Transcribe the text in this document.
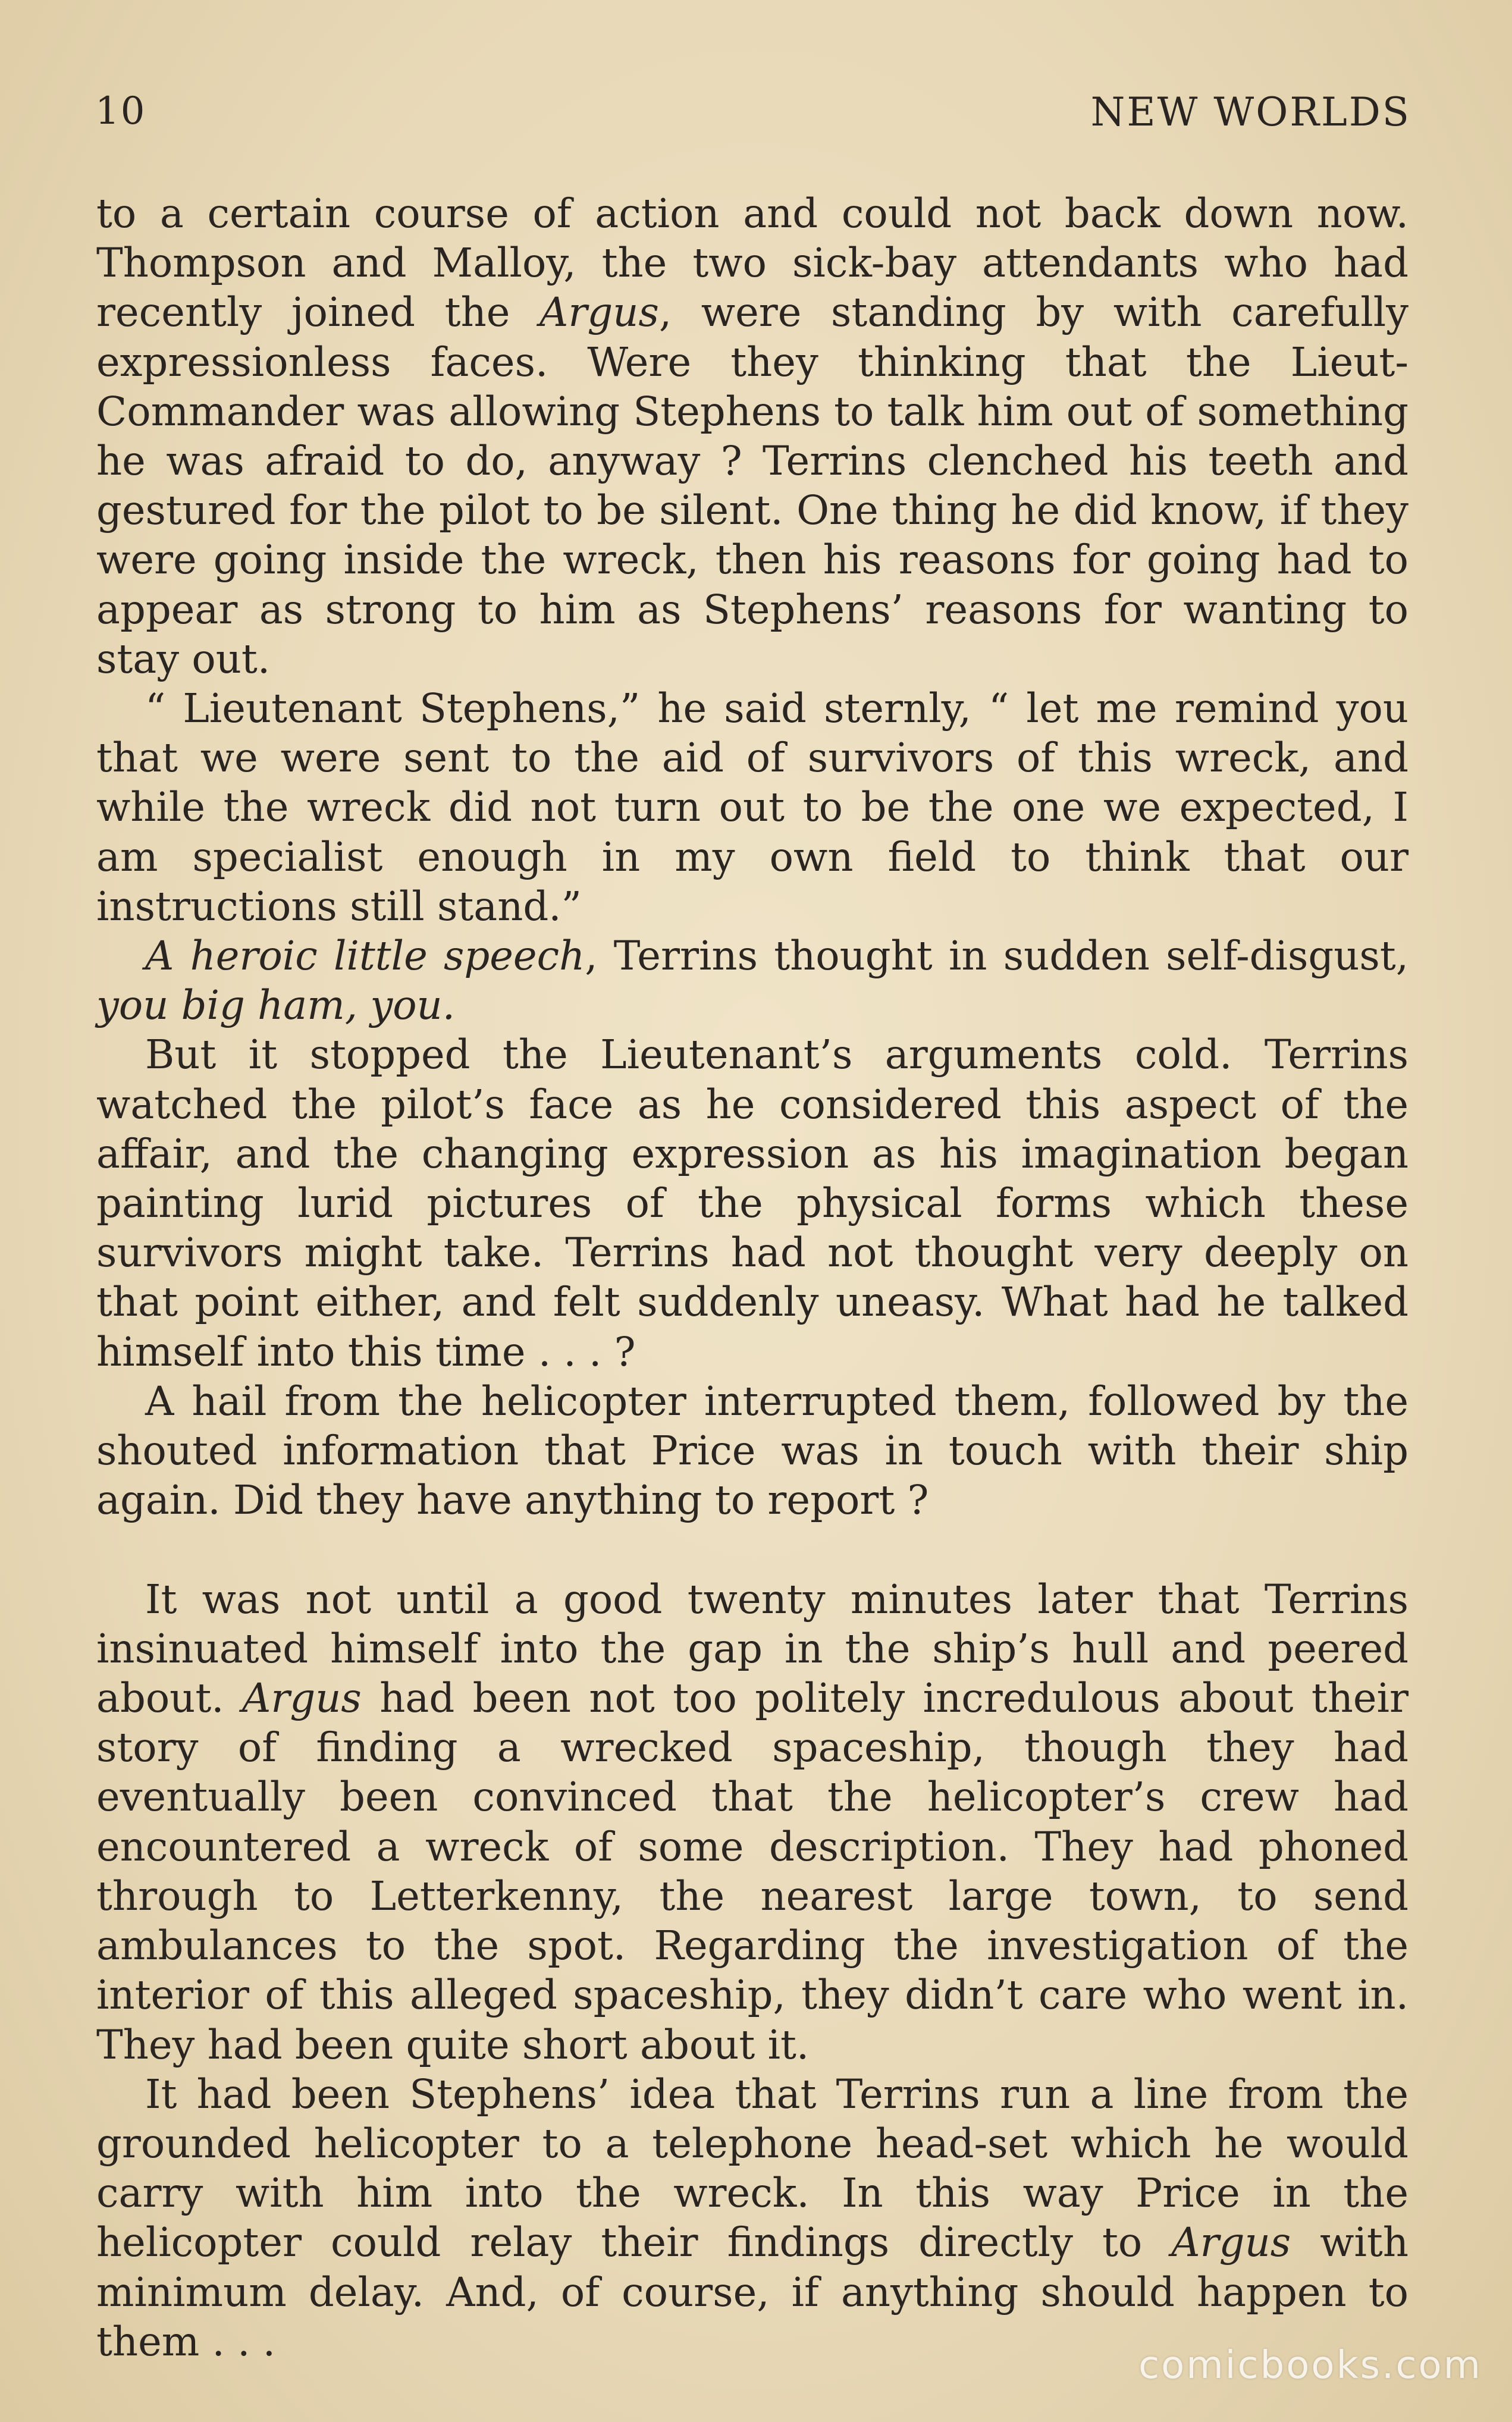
10	NEW WORLDS

to a certain course of action and could not back down now. Thompson and Malloy, the two sick-bay attendants who had recently joined the Argus, were standing by with carefully expressionless faces. Were they thinking that the Lieut-Commander was allowing Stephens to talk him out of something he was afraid to do, anyway ? Terrins clenched his teeth and gestured for the pilot to be silent. One thing he did know, if they were going inside the wreck, then his reasons for going had to appear as strong to him as Stephens’ reasons for wanting to stay out.

“ Lieutenant Stephens,” he said sternly, “ let me remind you that we were sent to the aid of survivors of this wreck, and while the wreck did not turn out to be the one we expected, I am specialist enough in my own field to think that our instructions still stand.”

A heroic little speech, Terrins thought in sudden self-disgust, you big ham, you.

But it stopped the Lieutenant’s arguments cold. Terrins watched the pilot’s face as he considered this aspect of the affair, and the changing expression as his imagination began painting lurid pictures of the physical forms which these survivors might take. Terrins had not thought very deeply on that point either, and felt suddenly uneasy. What had he talked himself into this time . . . ?

A hail from the helicopter interrupted them, followed by the shouted information that Price was in touch with their ship again. Did they have anything to report ?

It was not until a good twenty minutes later that Terrins insinuated himself into the gap in the ship’s hull and peered about. Argus had been not too politely incredulous about their story of finding a wrecked spaceship, though they had eventually been convinced that the helicopter’s crew had encountered a wreck of some description. They had phoned through to Letterkenny, the nearest large town, to send ambulances to the spot. Regarding the investigation of the interior of this alleged spaceship, they didn’t care who went in. They had been quite short about it.

It had been Stephens’ idea that Terrins run a line from the grounded helicopter to a telephone head-set which he would carry with him into the wreck. In this way Price in the helicopter could relay their findings directly to Argus with minimum delay. And, of course, if anything should happen to them . . .

comicbooks.com
